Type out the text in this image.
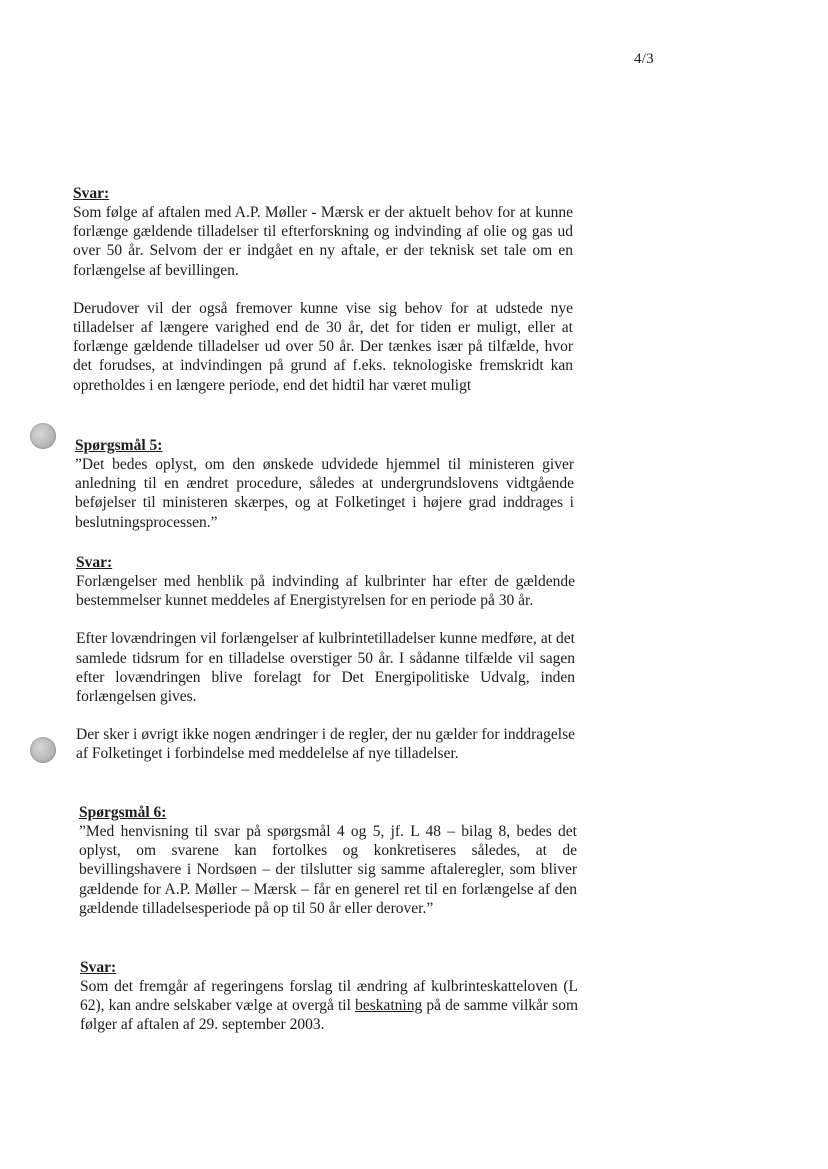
4/3
Svar:

Som følge af aftalen med A.P. Møller - Mærsk er der aktuelt behov for at kunne forlænge gældende tilladelser til efterforskning og indvinding af olie og gas ud over 50 år. Selvom der er indgået en ny aftale, er der teknisk set tale om en forlængelse af bevillingen.

Derudover vil der også fremover kunne vise sig behov for at udstede nye tilladelser af længere varighed end de 30 år, det for tiden er muligt, eller at forlænge gældende tilladelser ud over 50 år. Der tænkes især på tilfælde, hvor det forudses, at indvindingen på grund af f.eks. teknologiske fremskridt kan opretholdes i en længere periode, end det hidtil har været muligt

Spørgsmål 5:

”Det bedes oplyst, om den ønskede udvidede hjemmel til ministeren giver anledning til en ændret procedure, således at undergrundslovens vidtgående beføjelser til ministeren skærpes, og at Folketinget i højere grad inddrages i beslutningsprocessen.”

Svar:

Forlængelser med henblik på indvinding af kulbrinter har efter de gældende bestemmelser kunnet meddeles af Energistyrelsen for en periode på 30 år.

Efter lovændringen vil forlængelser af kulbrintetilladelser kunne medføre, at det samlede tidsrum for en tilladelse overstiger 50 år. I sådanne tilfælde vil sagen efter lovændringen blive forelagt for Det Energipolitiske Udvalg, inden forlængelsen gives.

Der sker i øvrigt ikke nogen ændringer i de regler, der nu gælder for inddragelse af Folketinget i forbindelse med meddelelse af nye tilladelser.

Spørgsmål 6:

”Med henvisning til svar på spørgsmål 4 og 5, jf. L 48 – bilag 8, bedes det oplyst, om svarene kan fortolkes og konkretiseres således, at de bevillingshavere i Nordsøen – der tilslutter sig samme aftaleregler, som bliver gældende for A.P. Møller – Mærsk – får en generel ret til en forlængelse af den gældende tilladelsesperiode på op til 50 år eller derover.”

Svar:

Som det fremgår af regeringens forslag til ændring af kulbrinteskatteloven (L 62), kan andre selskaber vælge at overgå til beskatning på de samme vilkår som følger af aftalen af 29. september 2003.
